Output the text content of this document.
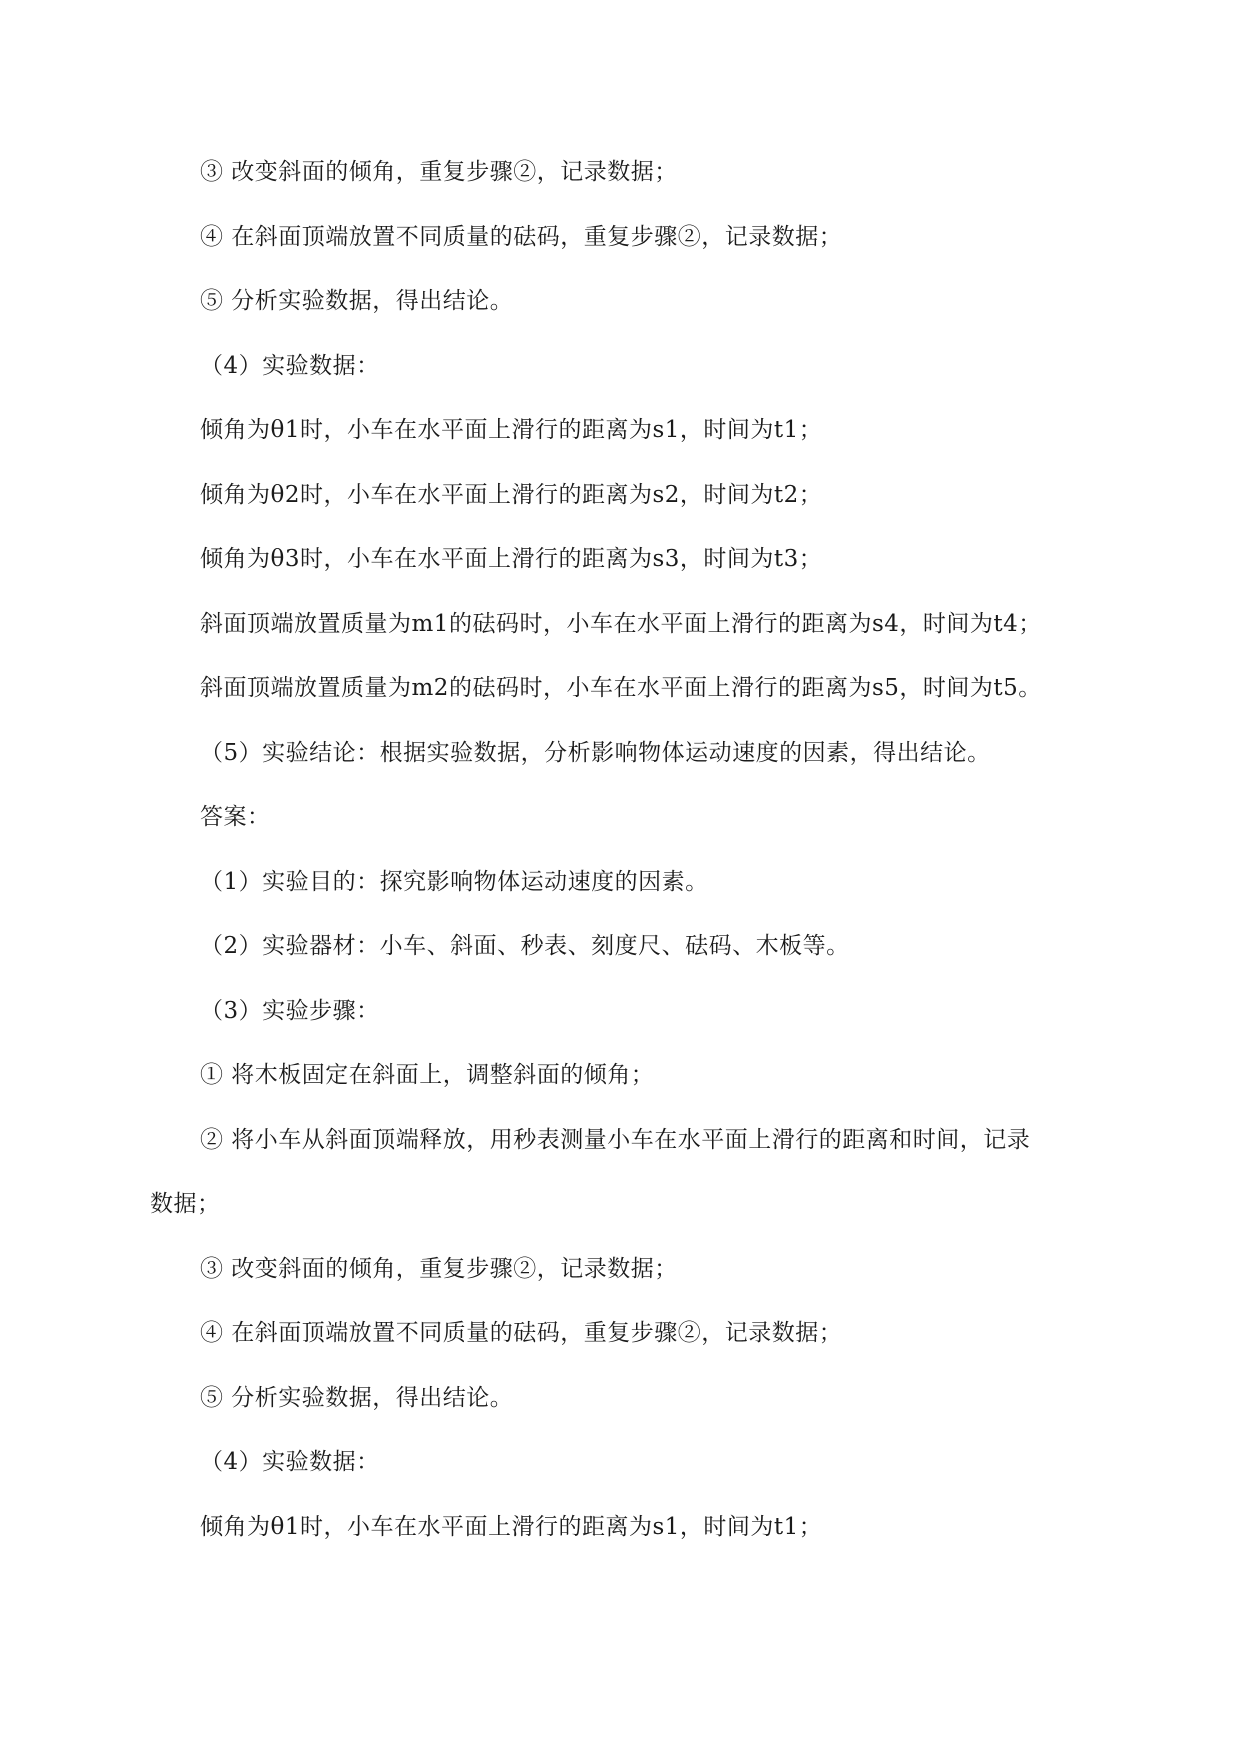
③ 改变斜面的倾角，重复步骤②，记录数据；
④ 在斜面顶端放置不同质量的砝码，重复步骤②，记录数据；
⑤ 分析实验数据，得出结论。
（4）实验数据：
倾角为θ1时，小车在水平面上滑行的距离为s1，时间为t1；
倾角为θ2时，小车在水平面上滑行的距离为s2，时间为t2；
倾角为θ3时，小车在水平面上滑行的距离为s3，时间为t3；
斜面顶端放置质量为m1的砝码时，小车在水平面上滑行的距离为s4，时间为t4；
斜面顶端放置质量为m2的砝码时，小车在水平面上滑行的距离为s5，时间为t5。
（5）实验结论：根据实验数据，分析影响物体运动速度的因素，得出结论。
答案：
（1）实验目的：探究影响物体运动速度的因素。
（2）实验器材：小车、斜面、秒表、刻度尺、砝码、木板等。
（3）实验步骤：
① 将木板固定在斜面上，调整斜面的倾角；
② 将小车从斜面顶端释放，用秒表测量小车在水平面上滑行的距离和时间，记录
数据；
③ 改变斜面的倾角，重复步骤②，记录数据；
④ 在斜面顶端放置不同质量的砝码，重复步骤②，记录数据；
⑤ 分析实验数据，得出结论。
（4）实验数据：
倾角为θ1时，小车在水平面上滑行的距离为s1，时间为t1；
